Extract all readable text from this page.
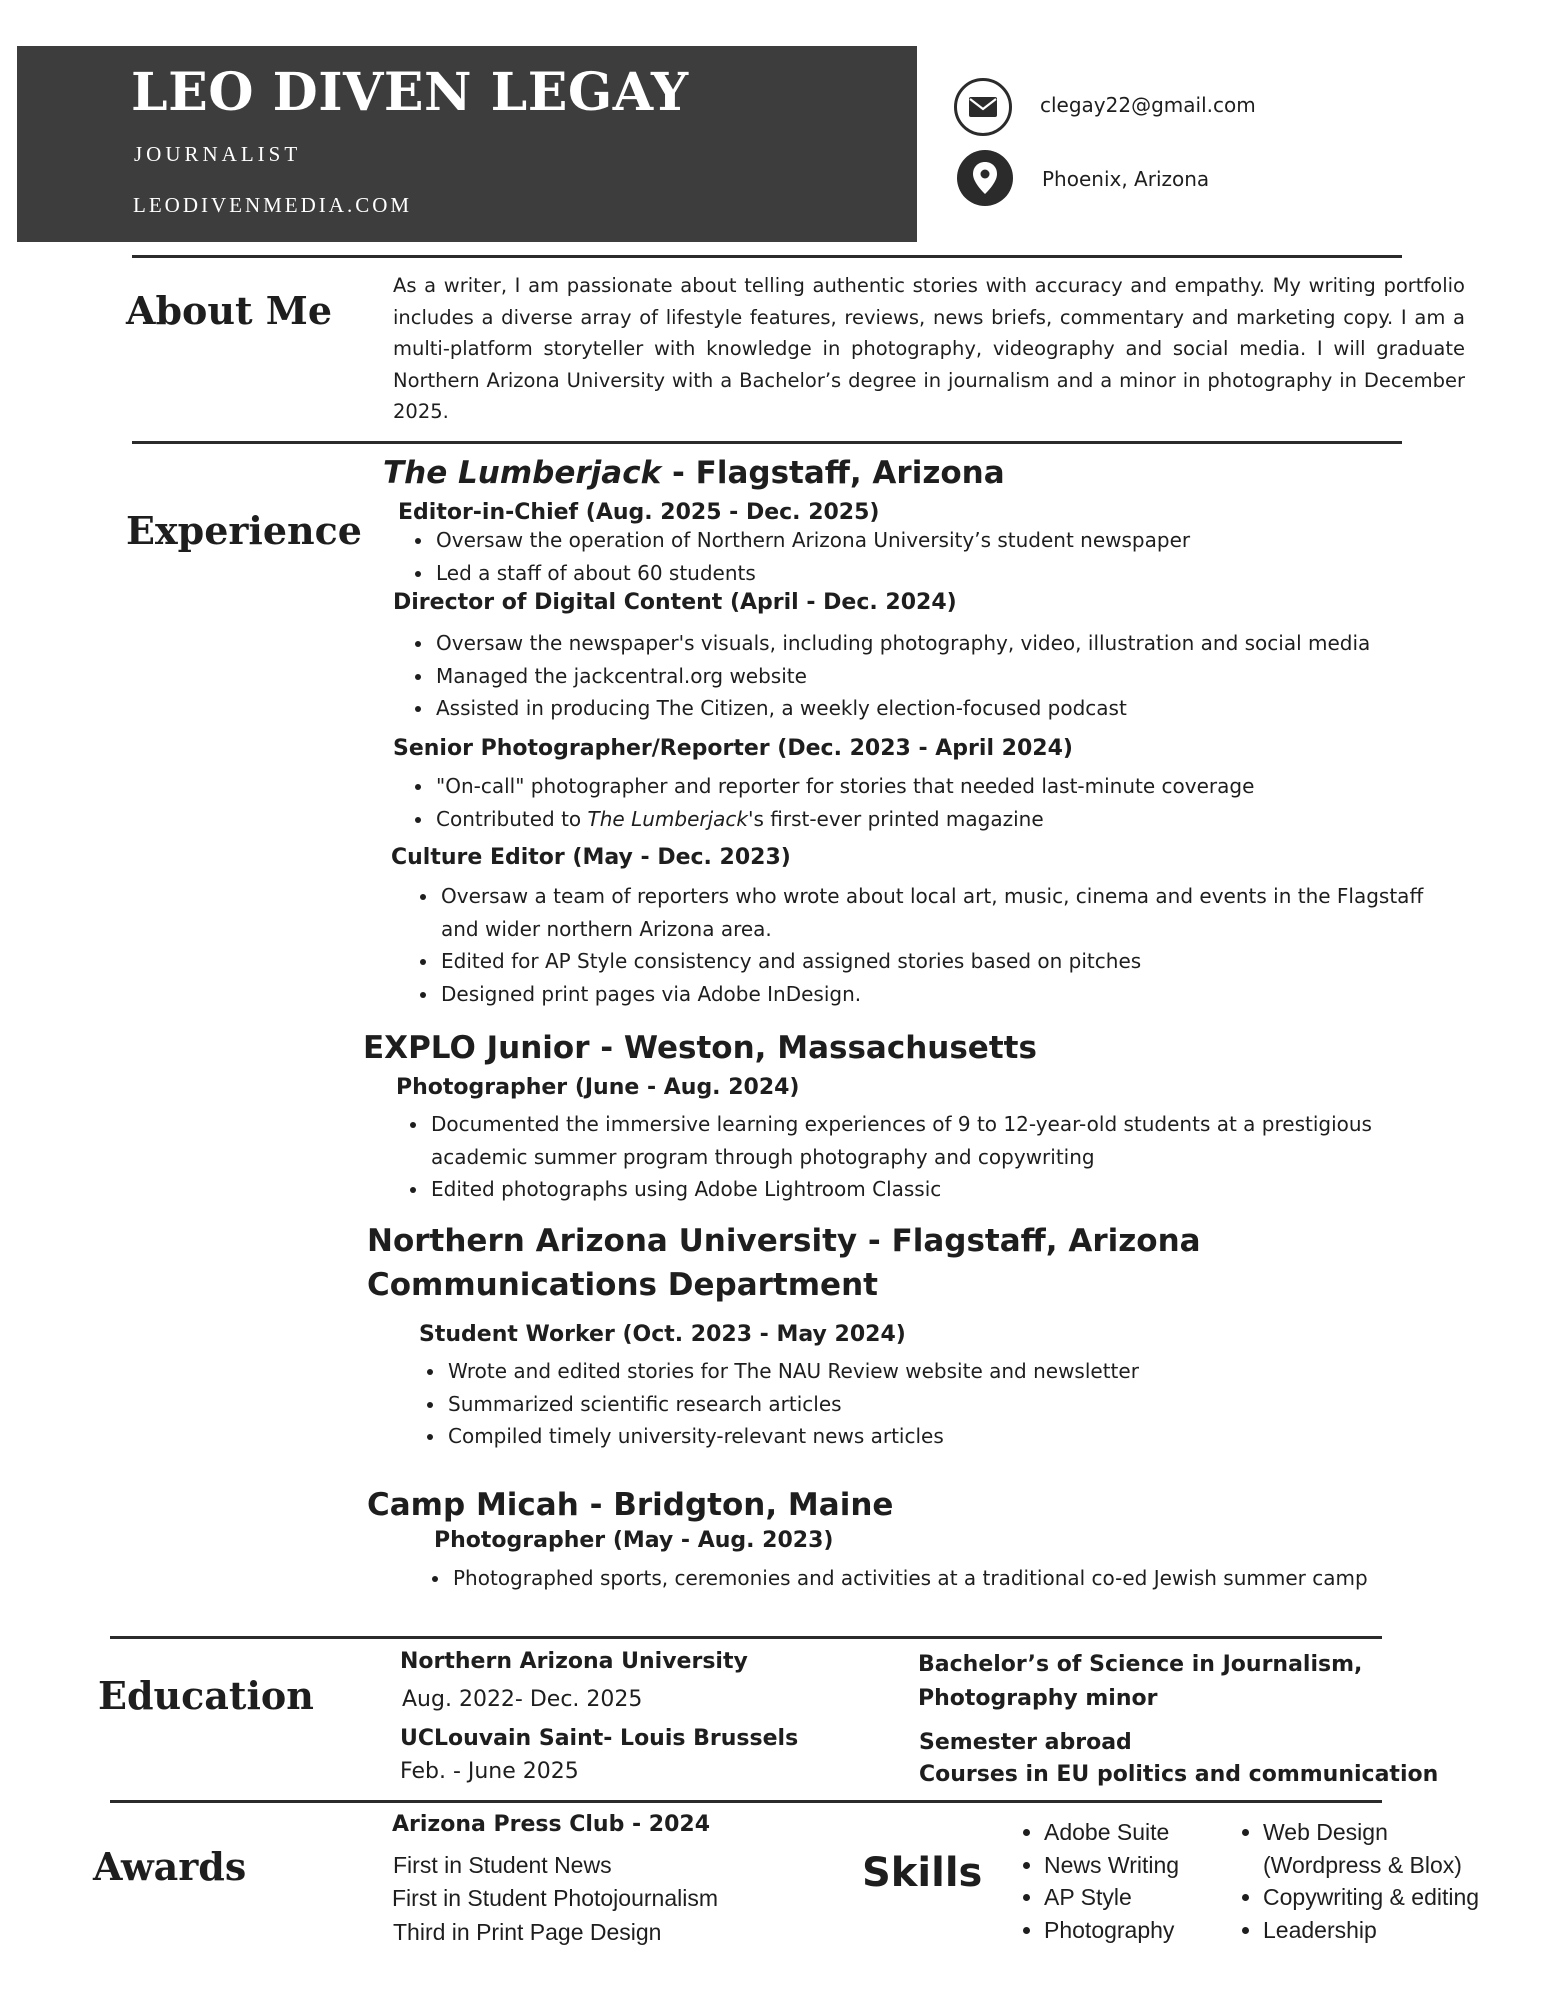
LEO DIVEN LEGAY
JOURNALIST
LEODIVENMEDIA.COM
clegay22@gmail.com
Phoenix, Arizona
About Me
As a writer, I am passionate about telling authentic stories with accuracy and empathy. My writing portfolio includes a diverse array of lifestyle features, reviews, news briefs, commentary and marketing copy. I am a multi-platform storyteller with knowledge in photography, videography and social media. I will graduate Northern Arizona University with a Bachelor’s degree in journalism and a minor in photography in December 2025.
Experience
The Lumberjack - Flagstaff, Arizona
Editor-in-Chief (Aug. 2025 - Dec. 2025)
• Oversaw the operation of Northern Arizona University’s student newspaper
• Led a staff of about 60 students
Director of Digital Content (April - Dec. 2024)
• Oversaw the newspaper's visuals, including photography, video, illustration and social media
• Managed the jackcentral.org website
• Assisted in producing The Citizen, a weekly election-focused podcast
Senior Photographer/Reporter (Dec. 2023 - April 2024)
• "On-call" photographer and reporter for stories that needed last-minute coverage
• Contributed to The Lumberjack's first-ever printed magazine
Culture Editor (May - Dec. 2023)
• Oversaw a team of reporters who wrote about local art, music, cinema and events in the Flagstaff and wider northern Arizona area.
• Edited for AP Style consistency and assigned stories based on pitches
• Designed print pages via Adobe InDesign.
EXPLO Junior - Weston, Massachusetts
Photographer (June - Aug. 2024)
• Documented the immersive learning experiences of 9 to 12-year-old students at a prestigious academic summer program through photography and copywriting
• Edited photographs using Adobe Lightroom Classic
Northern Arizona University - Flagstaff, Arizona
Communications Department
Student Worker (Oct. 2023 - May 2024)
• Wrote and edited stories for The NAU Review website and newsletter
• Summarized scientific research articles
• Compiled timely university-relevant news articles
Camp Micah - Bridgton, Maine
Photographer (May - Aug. 2023)
• Photographed sports, ceremonies and activities at a traditional co-ed Jewish summer camp
Education
Northern Arizona University
Aug. 2022- Dec. 2025
UCLouvain Saint- Louis Brussels
Feb. - June 2025
Bachelor’s of Science in Journalism,
Photography minor
Semester abroad
Courses in EU politics and communication
Awards
Arizona Press Club - 2024
First in Student News
First in Student Photojournalism
Third in Print Page Design
Skills
• Adobe Suite
• News Writing
• AP Style
• Photography
• Web Design
(Wordpress & Blox)
• Copywriting & editing
• Leadership
